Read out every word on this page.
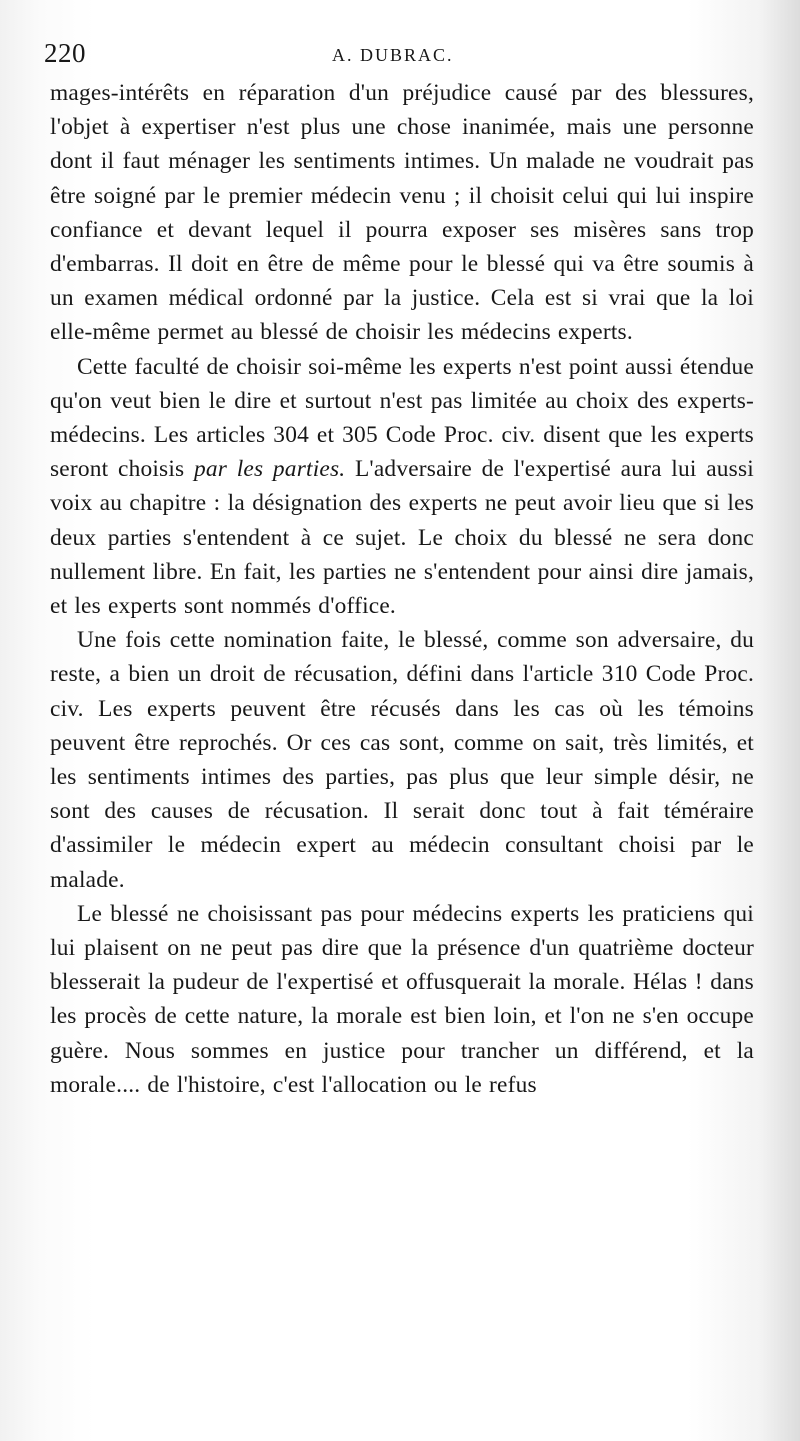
220	A. DUBRAC.

mages-intérêts en réparation d'un préjudice causé par des blessures, l'objet à expertiser n'est plus une chose inanimée, mais une personne dont il faut ménager les sentiments intimes. Un malade ne voudrait pas être soigné par le premier médecin venu ; il choisit celui qui lui inspire confiance et devant lequel il pourra exposer ses misères sans trop d'embarras. Il doit en être de même pour le blessé qui va être soumis à un examen médical ordonné par la justice. Cela est si vrai que la loi elle-même permet au blessé de choisir les médecins experts.

Cette faculté de choisir soi-même les experts n'est point aussi étendue qu'on veut bien le dire et surtout n'est pas limitée au choix des experts-médecins. Les articles 304 et 305 Code Proc. civ. disent que les experts seront choisis par les parties. L'adversaire de l'expertisé aura lui aussi voix au chapitre : la désignation des experts ne peut avoir lieu que si les deux parties s'entendent à ce sujet. Le choix du blessé ne sera donc nullement libre. En fait, les parties ne s'entendent pour ainsi dire jamais, et les experts sont nommés d'office.

Une fois cette nomination faite, le blessé, comme son adversaire, du reste, a bien un droit de récusation, défini dans l'article 310 Code Proc. civ. Les experts peuvent être récusés dans les cas où les témoins peuvent être reprochés. Or ces cas sont, comme on sait, très limités, et les sentiments intimes des parties, pas plus que leur simple désir, ne sont des causes de récusation. Il serait donc tout à fait téméraire d'assimiler le médecin expert au médecin consultant choisi par le malade.

Le blessé ne choisissant pas pour médecins experts les praticiens qui lui plaisent on ne peut pas dire que la présence d'un quatrième docteur blesserait la pudeur de l'expertisé et offusquerait la morale. Hélas ! dans les procès de cette nature, la morale est bien loin, et l'on ne s'en occupe guère. Nous sommes en justice pour trancher un différend, et la morale.... de l'histoire, c'est l'allocation ou le refus
